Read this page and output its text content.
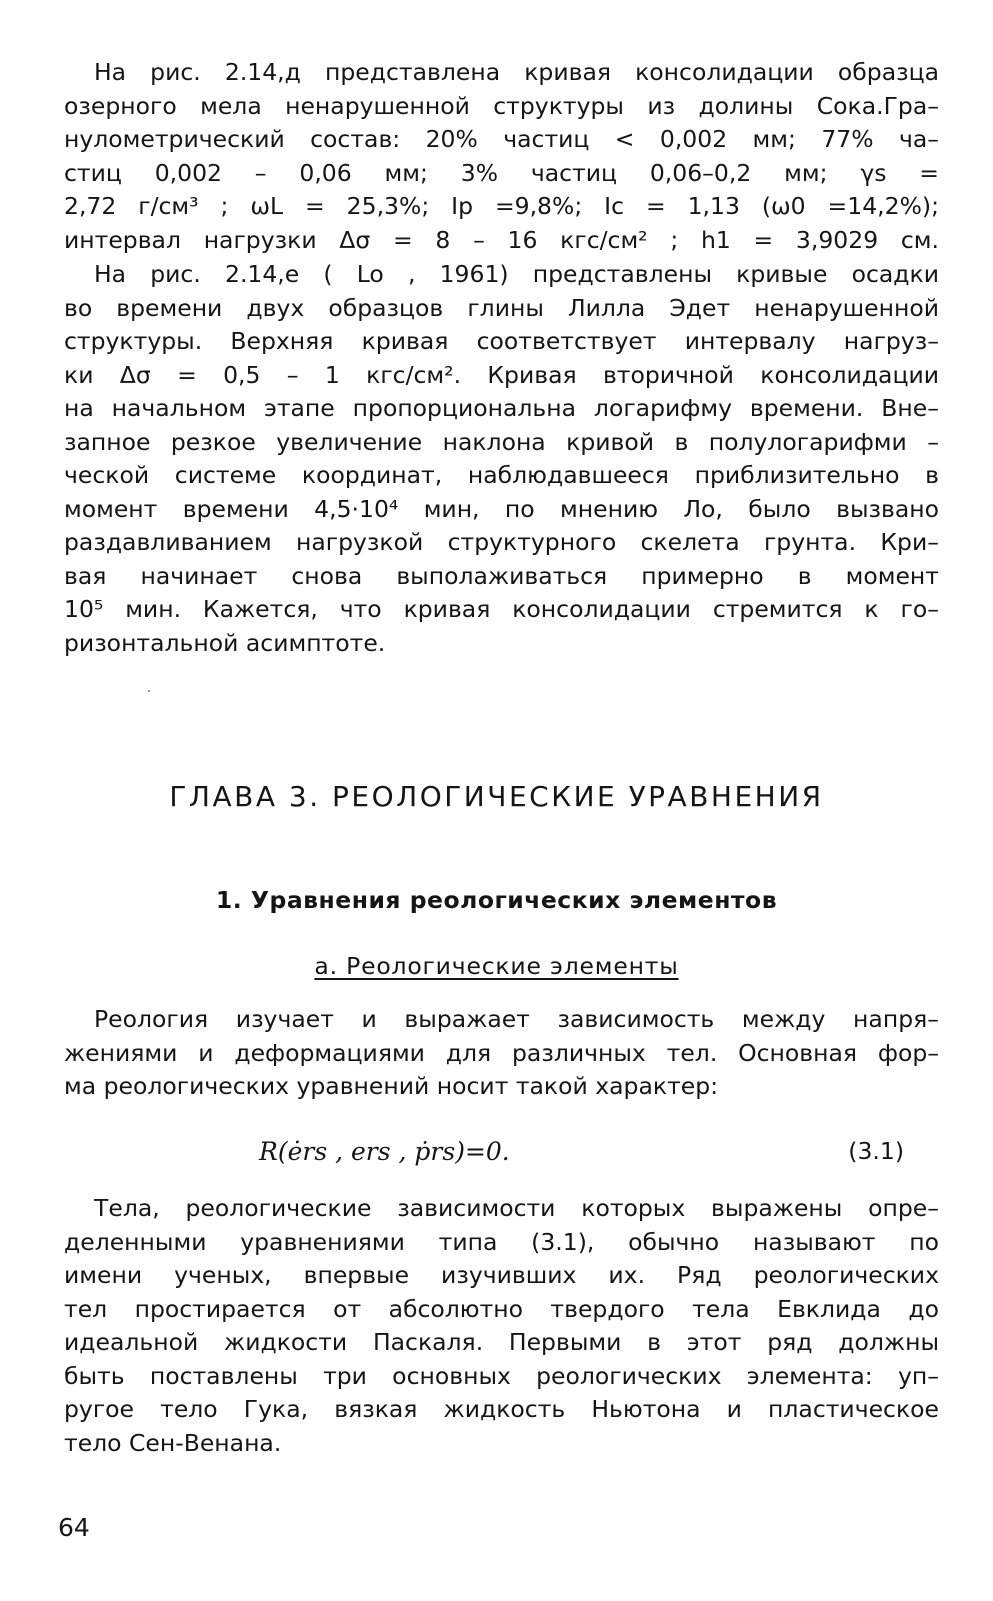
На рис. 2.14,д представлена кривая консолидации образца
озерного мела ненарушенной структуры из долины Сока.Гра–
нулометрический состав: 20% частиц < 0,002 мм; 77% ча–
стиц 0,002 – 0,06 мм; 3% частиц 0,06–0,2 мм; γs =
2,72 г/см³ ; ωL = 25,3%; Ip =9,8%; Ic = 1,13 (ω0 =14,2%);
интервал нагрузки Δσ = 8 – 16 кгс/см² ; h1 = 3,9029 см.
На рис. 2.14,е ( Lo , 1961) представлены кривые осадки
во времени двух образцов глины Лилла Эдет ненарушенной
структуры. Верхняя кривая соответствует интервалу нагруз–
ки Δσ = 0,5 – 1 кгс/см². Кривая вторичной консолидации
на начальном этапе пропорциональна логарифму времени. Вне–
запное резкое увеличение наклона кривой в полулогарифми –
ческой системе координат, наблюдавшееся приблизительно в
момент времени 4,5·10⁴ мин, по мнению Ло, было вызвано
раздавливанием нагрузкой структурного скелета грунта. Кри–
вая начинает снова выполаживаться примерно в момент
10⁵ мин. Кажется, что кривая консолидации стремится к го–
ризонтальной асимптоте.
ГЛАВА 3. РЕОЛОГИЧЕСКИЕ УРАВНЕНИЯ
1. Уравнения реологических элементов
а. Реологические элементы
Реология изучает и выражает зависимость между напря–
жениями и деформациями для различных тел. Основная фор–
ма реологических уравнений носит такой характер:
R(ėrs , ers , ṗrs)=0.	(3.1)
Тела, реологические зависимости которых выражены опре–
деленными уравнениями типа (3.1), обычно называют по
имени ученых, впервые изучивших их. Ряд реологических
тел простирается от абсолютно твердого тела Евклида до
идеальной жидкости Паскаля. Первыми в этот ряд должны
быть поставлены три основных реологических элемента: уп–
ругое тело Гука, вязкая жидкость Ньютона и пластическое
тело Сен-Венана.

64
